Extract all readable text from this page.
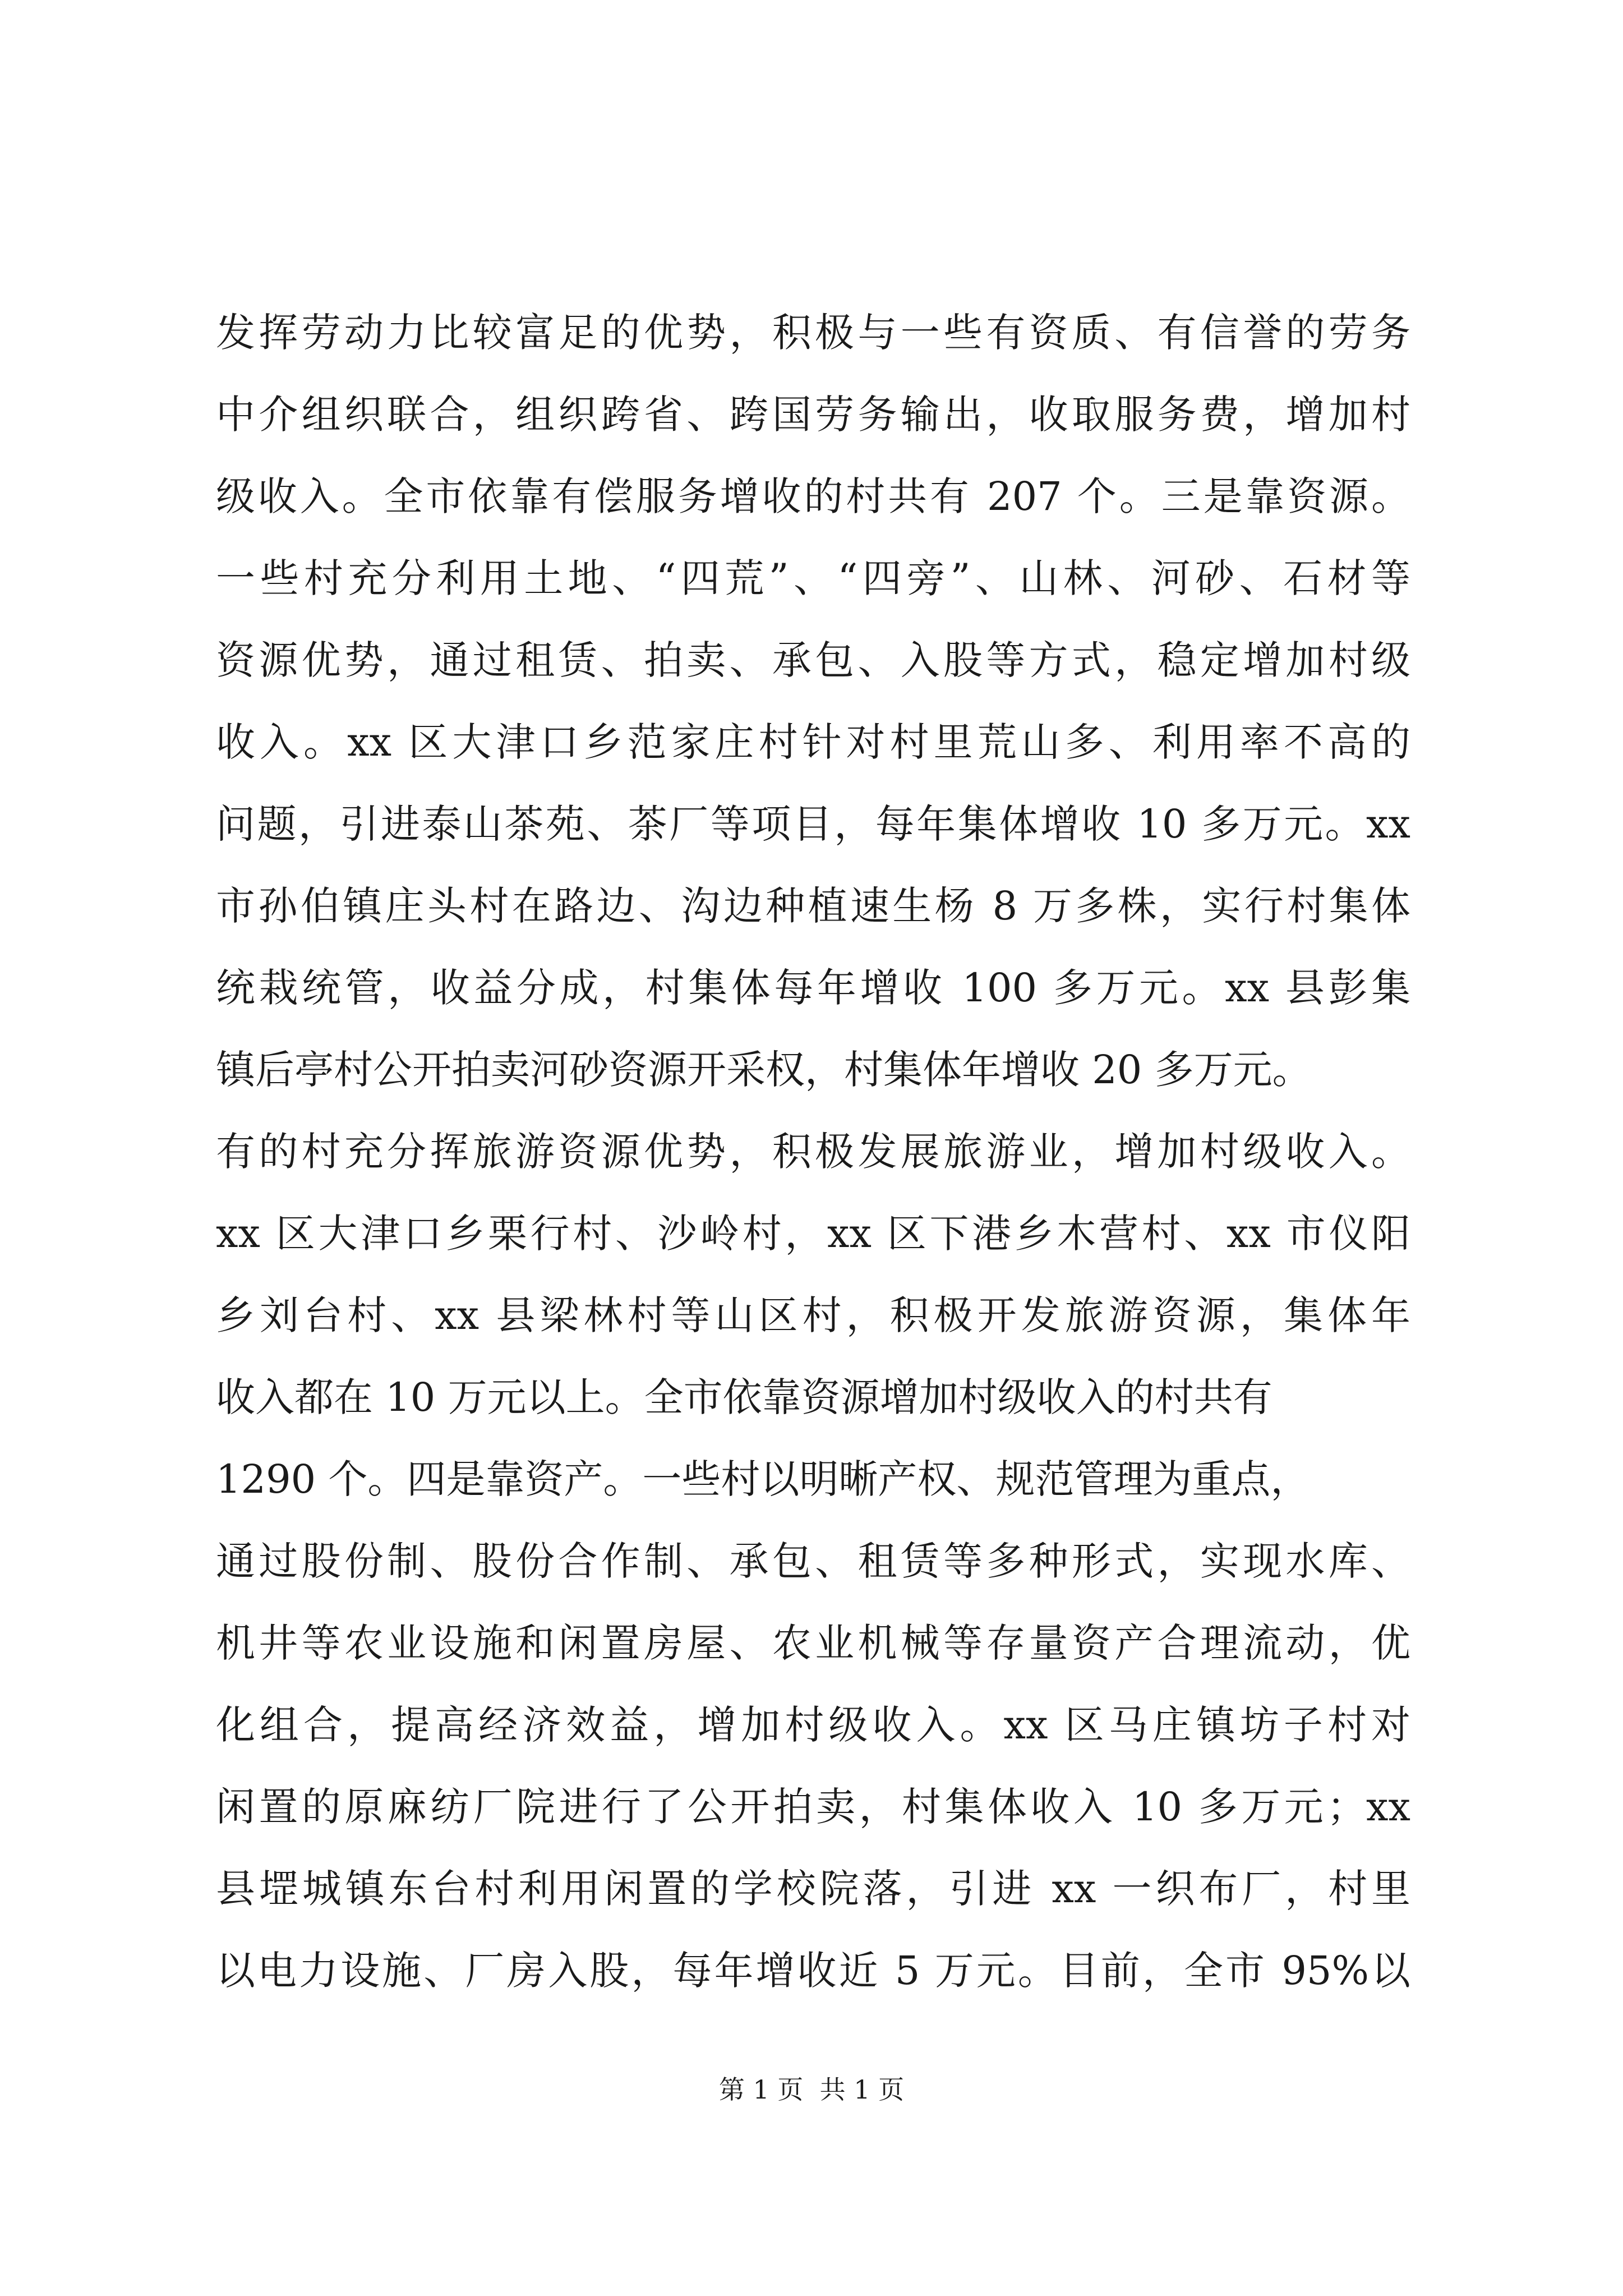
发挥劳动力比较富足的优势，积极与一些有资质、有信誉的劳务
中介组织联合，组织跨省、跨国劳务输出，收取服务费，增加村
级收入。全市依靠有偿服务增收的村共有 207 个。三是靠资源。
一些村充分利用土地、“四荒”、“四旁”、山林、河砂、石材等
资源优势，通过租赁、拍卖、承包、入股等方式，稳定增加村级
收入。xx 区大津口乡范家庄村针对村里荒山多、利用率不高的
问题，引进泰山茶苑、茶厂等项目，每年集体增收 10 多万元。xx
市孙伯镇庄头村在路边、沟边种植速生杨 8 万多株，实行村集体
统栽统管，收益分成，村集体每年增收 100 多万元。xx 县彭集
镇后亭村公开拍卖河砂资源开采权，村集体年增收 20 多万元。
有的村充分挥旅游资源优势，积极发展旅游业，增加村级收入。
xx 区大津口乡栗行村、沙岭村，xx 区下港乡木营村、xx 市仪阳
乡刘台村、xx 县梁林村等山区村，积极开发旅游资源，集体年
收入都在 10 万元以上。全市依靠资源增加村级收入的村共有
1290 个。四是靠资产。一些村以明晰产权、规范管理为重点，
通过股份制、股份合作制、承包、租赁等多种形式，实现水库、
机井等农业设施和闲置房屋、农业机械等存量资产合理流动，优
化组合，提高经济效益，增加村级收入。xx 区马庄镇坊子村对
闲置的原麻纺厂院进行了公开拍卖，村集体收入 10 多万元；xx
县堽城镇东台村利用闲置的学校院落，引进 xx 一织布厂，村里
以电力设施、厂房入股，每年增收近 5 万元。目前，全市 95%以
第 1 页  共 1 页
